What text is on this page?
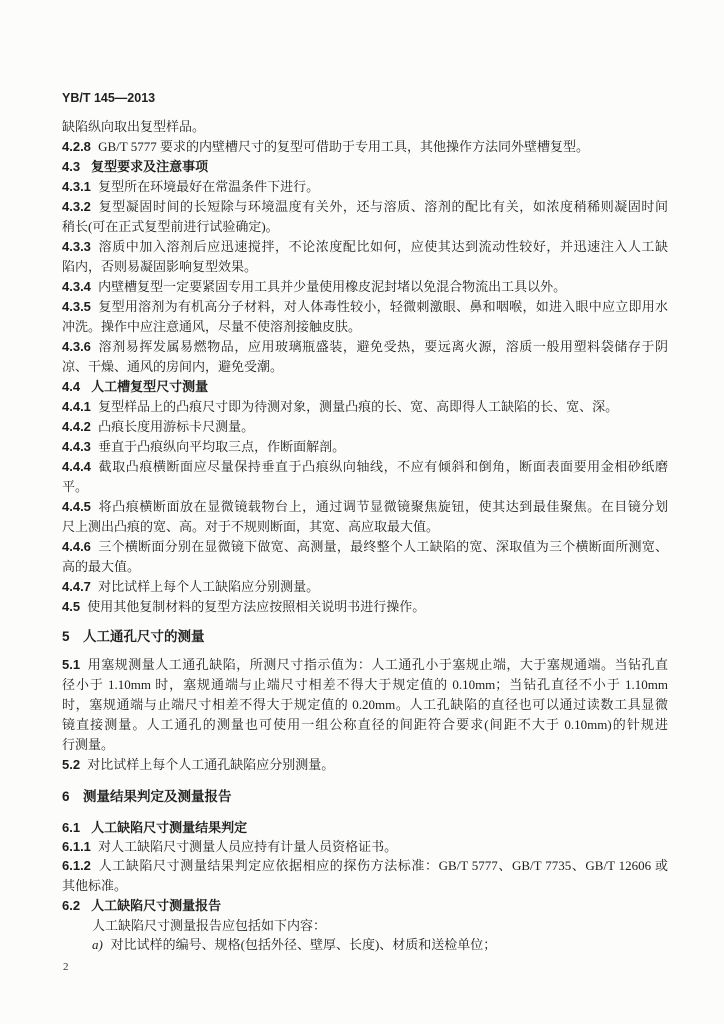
YB/T 145—2013
缺陷纵向取出复型样品。
4.2.8 GB/T 5777 要求的内壁槽尺寸的复型可借助于专用工具，其他操作方法同外壁槽复型。
4.3 复型要求及注意事项
4.3.1 复型所在环境最好在常温条件下进行。
4.3.2 复型凝固时间的长短除与环境温度有关外，还与溶质、溶剂的配比有关，如浓度稍稀则凝固时间
稍长(可在正式复型前进行试验确定)。
4.3.3 溶质中加入溶剂后应迅速搅拌，不论浓度配比如何，应使其达到流动性较好，并迅速注入人工缺
陷内，否则易凝固影响复型效果。
4.3.4 内壁槽复型一定要紧固专用工具并少量使用橡皮泥封堵以免混合物流出工具以外。
4.3.5 复型用溶剂为有机高分子材料，对人体毒性较小，轻微刺激眼、鼻和咽喉，如进入眼中应立即用水
冲洗。操作中应注意通风，尽量不使溶剂接触皮肤。
4.3.6 溶剂易挥发属易燃物品，应用玻璃瓶盛装，避免受热，要远离火源，溶质一般用塑料袋储存于阴
凉、干燥、通风的房间内，避免受潮。
4.4 人工槽复型尺寸测量
4.4.1 复型样品上的凸痕尺寸即为待测对象，测量凸痕的长、宽、高即得人工缺陷的长、宽、深。
4.4.2 凸痕长度用游标卡尺测量。
4.4.3 垂直于凸痕纵向平均取三点，作断面解剖。
4.4.4 截取凸痕横断面应尽量保持垂直于凸痕纵向轴线，不应有倾斜和倒角，断面表面要用金相砂纸磨
平。
4.4.5 将凸痕横断面放在显微镜载物台上，通过调节显微镜聚焦旋钮，使其达到最佳聚焦。在目镜分划
尺上测出凸痕的宽、高。对于不规则断面，其宽、高应取最大值。
4.4.6 三个横断面分别在显微镜下做宽、高测量，最终整个人工缺陷的宽、深取值为三个横断面所测宽、
高的最大值。
4.4.7 对比试样上每个人工缺陷应分别测量。
4.5 使用其他复制材料的复型方法应按照相关说明书进行操作。
5 人工通孔尺寸的测量
5.1 用塞规测量人工通孔缺陷，所测尺寸指示值为：人工通孔小于塞规止端，大于塞规通端。当钻孔直
径小于 1.10mm 时，塞规通端与止端尺寸相差不得大于规定值的 0.10mm；当钻孔直径不小于 1.10mm
时，塞规通端与止端尺寸相差不得大于规定值的 0.20mm。人工孔缺陷的直径也可以通过读数工具显微
镜直接测量。人工通孔的测量也可使用一组公称直径的间距符合要求(间距不大于 0.10mm)的针规进
行测量。
5.2 对比试样上每个人工通孔缺陷应分别测量。
6 测量结果判定及测量报告
6.1 人工缺陷尺寸测量结果判定
6.1.1 对人工缺陷尺寸测量人员应持有计量人员资格证书。
6.1.2 人工缺陷尺寸测量结果判定应依据相应的探伤方法标准：GB/T 5777、GB/T 7735、GB/T 12606 或
其他标准。
6.2 人工缺陷尺寸测量报告
人工缺陷尺寸测量报告应包括如下内容：
a) 对比试样的编号、规格(包括外径、壁厚、长度)、材质和送检单位；
2
